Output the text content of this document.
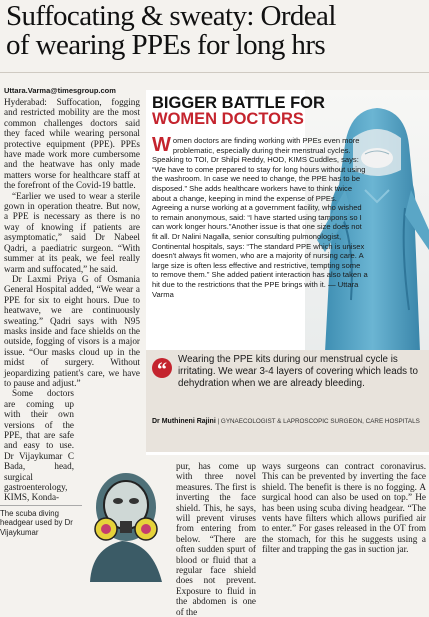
Suffocating & sweaty: Ordeal
of wearing PPEs for long hrs
Uttara.Varma@timesgroup.com

Hyderabad: Suffocation, fogging and restricted mobility are the most common challenges doctors said they faced while wearing personal protective equipment (PPE). PPEs have made work more cumbersome and the heatwave has only made matters worse for healthcare staff at the forefront of the Covid-19 battle.

“Earlier we used to wear a sterile gown in operation theatre. But now, a PPE is necessary as there is no way of knowing if patients are asymptomatic,” said Dr Nabeel Qadri, a paediatric surgeon. “With summer at its peak, we feel really warm and suffocated,” he said.

Dr Laxmi Priya G of Osmania General Hospital added, “We wear a PPE for six to eight hours. Due to heatwave, we are continuously sweating.” Qadri says with N95 masks inside and face shields on the outside, fogging of visors is a major issue. “Our masks cloud up in the midst of surgery. Without jeopardizing patient's care, we have to pause and adjust.”

Some doctors are coming up with their own versions of the PPE, that are safe and easy to use. Dr Vijaykumar C Bada, head, surgical gastroenterology, KIMS, Konda-

BIGGER BATTLE FOR
WOMEN DOCTORS
Women doctors are finding working with PPEs even more problematic, especially during their menstrual cycles. Speaking to TOI, Dr Shilpi Reddy, HOD, KIMS Cuddles, says: “We have to come prepared to stay for long hours without using the washroom. In case we need to change, the PPE has to be disposed.” She adds healthcare workers have to think twice about a change, keeping in mind the expense of PPEs. Agreeing a nurse working at a government facility, who wished to remain anonymous, said: “I have started using tampons so I can work longer hours.”Another issue is that one size does not fit all. Dr Nalini Nagalla, senior consulting pulmonologist, Continental hospitals, says: “The standard PPE which is unisex doesn't always fit women, who are a majority of nursing care. A large size is often less effective and restrictive, tempting some to remove them.” She added patient interaction has also taken a hit due to the restrictions that the PPE brings with it. — Uttara Varma
“	Wearing the PPE kits during our menstrual cycle is irritating. We wear 3-4 layers of covering which leads to dehydration when we are already bleeding.
Dr Muthineni Rajini | GYNAECOLOGIST & LAPROSCOPIC SURGEON, CARE HOSPITALS

pur, has come up with three novel measures. The first is inverting the face shield. This, he says, will prevent viruses from entering from below. “There are often sudden spurt of blood or fluid that a regular face shield does not prevent. Exposure to fluid in the abdomen is one of the

ways surgeons can contract coronavirus. This can be prevented by inverting the face shield. The benefit is there is no fogging. A surgical hood can also be used on top.” He has been using scuba diving headgear. “The vents have filters which allows purified air to enter.” For gases released in the OT from the stomach, for this he suggests using a filter and trapping the gas in suction jar.

The scuba diving headgear used by Dr Vijaykumar
